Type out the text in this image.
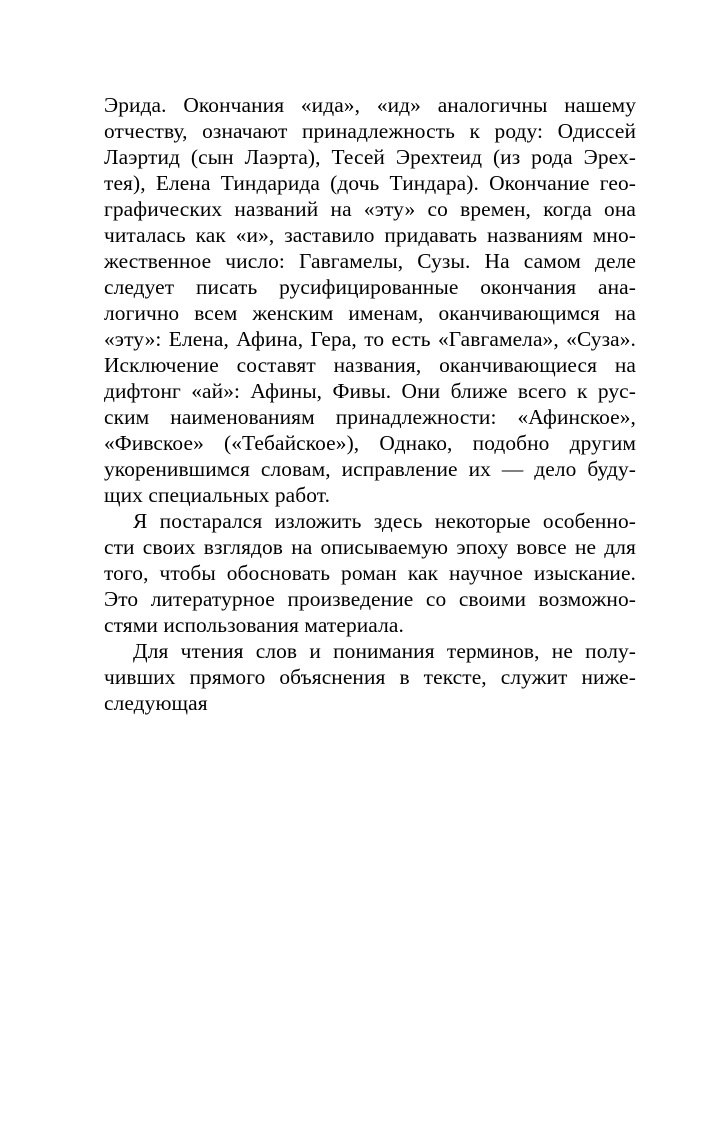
Эрида. Окончания «ида», «ид» аналогичны нашему
отчеству, означают принадлежность к роду: Одиссей
Лаэртид (сын Лаэрта), Тесей Эрехтеид (из рода Эрех-
тея), Елена Тиндарида (дочь Тиндара). Окончание гео-
графических названий на «эту» со времен, когда она
читалась как «и», заставило придавать названиям мно-
жественное число: Гавгамелы, Сузы. На самом деле
следует писать русифицированные окончания ана-
логично всем женским именам, оканчивающимся на
«эту»: Елена, Афина, Гера, то есть «Гавгамела», «Суза».
Исключение составят названия, оканчивающиеся на
дифтонг «ай»: Афины, Фивы. Они ближе всего к рус-
ским наименованиям принадлежности: «Афинское»,
«Фивское» («Тебайское»), Однако, подобно другим
укоренившимся словам, исправление их — дело буду-
щих специальных работ.
Я постарался изложить здесь некоторые особенно-
сти своих взглядов на описываемую эпоху вовсе не для
того, чтобы обосновать роман как научное изыскание.
Это литературное произведение со своими возможно-
стями использования материала.
Для чтения слов и понимания терминов, не полу-
чивших прямого объяснения в тексте, служит ниже-
следующая
